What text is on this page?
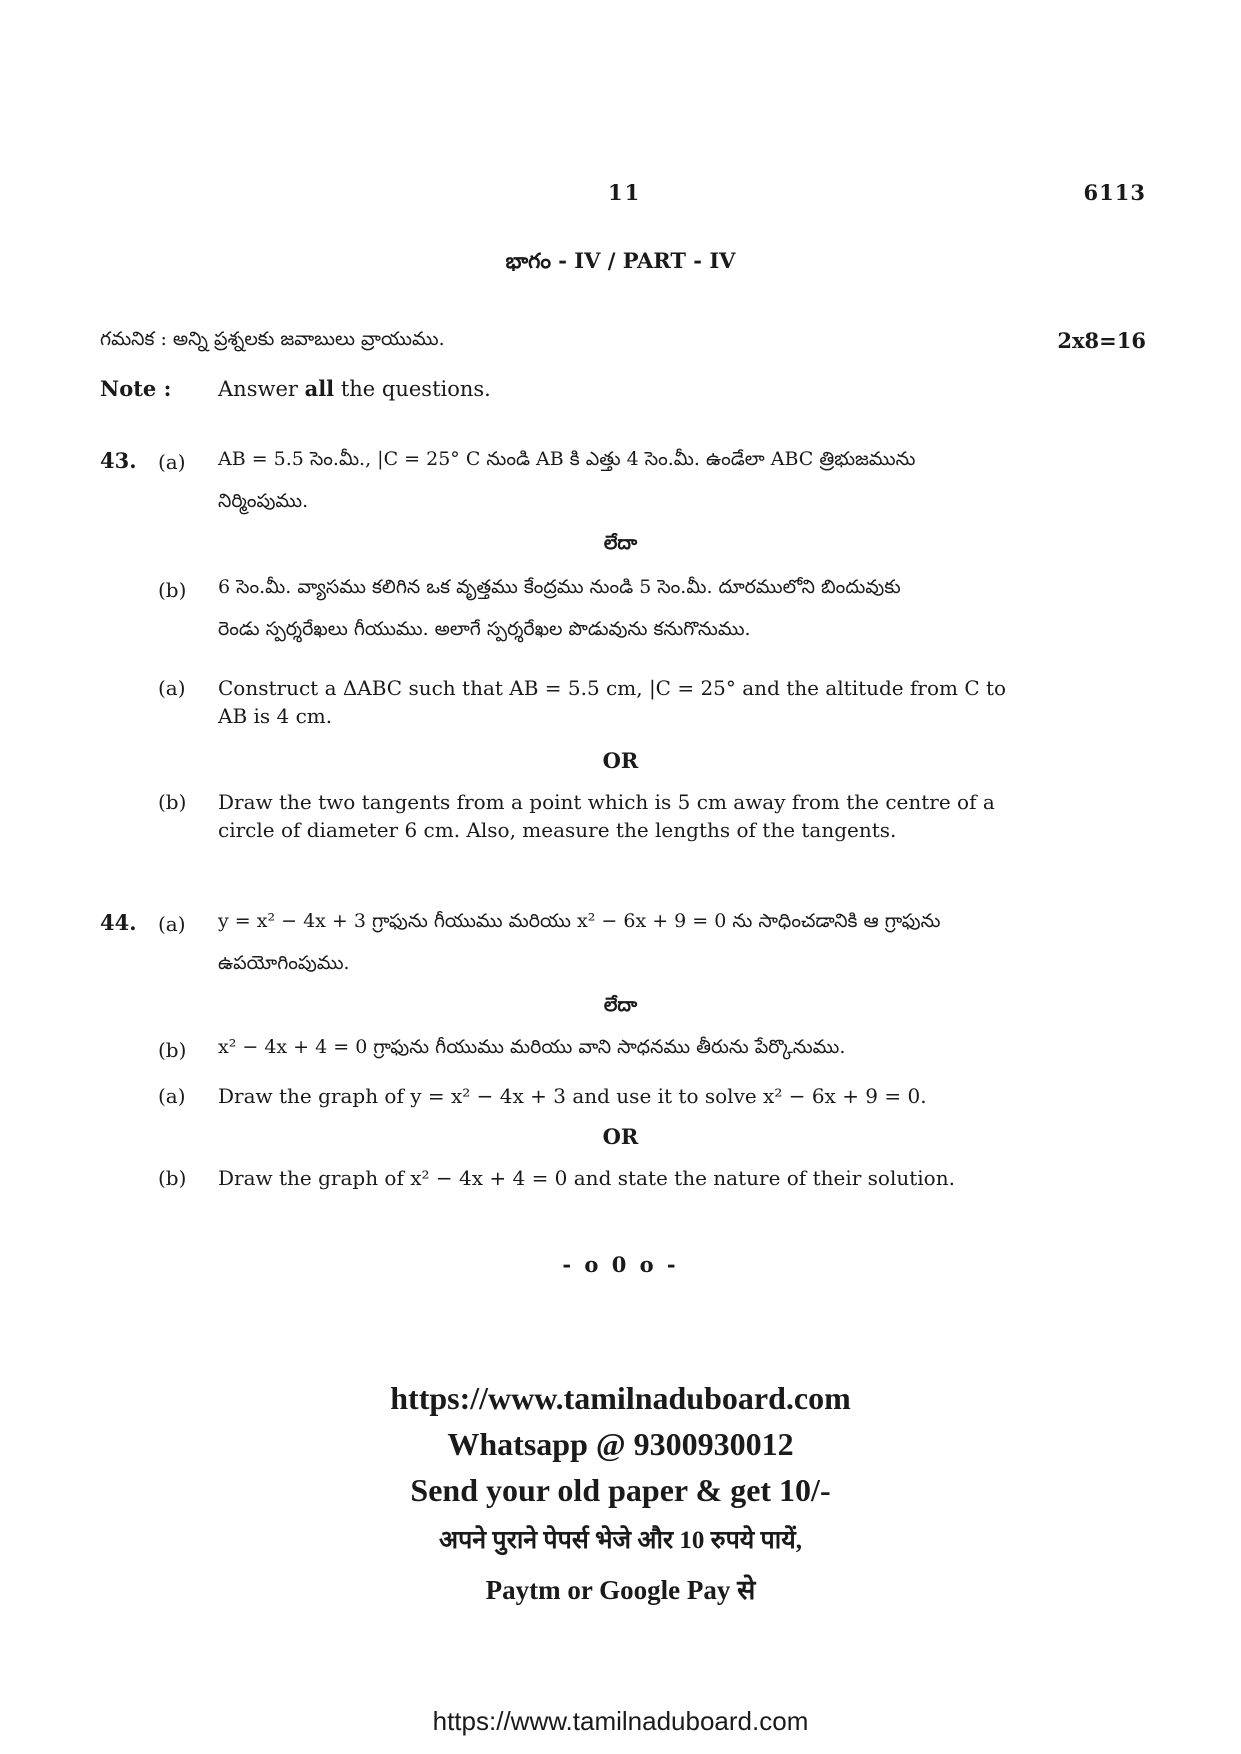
11	6113
భాగం - IV / PART - IV
గమనిక : అన్ని ప్రశ్నలకు జవాబులు వ్రాయుము.	2x8=16
Note : Answer all the questions.
43. (a) AB = 5.5 సెం.మీ., |C = 25° C నుండి AB కి ఎత్తు 4 సెం.మీ. ఉండేలా ABC త్రిభుజమును
నిర్మింపుము.
లేదా
(b) 6 సెం.మీ. వ్యాసము కలిగిన ఒక వృత్తము కేంద్రము నుండి 5 సెం.మీ. దూరములోని బిందువుకు
రెండు స్పర్శరేఖలు గీయుము. అలాగే స్పర్శరేఖల పొడువును కనుగొనుము.
(a) Construct a ΔABC such that AB = 5.5 cm, |C = 25° and the altitude from C to
AB is 4 cm.
OR
(b) Draw the two tangents from a point which is 5 cm away from the centre of a
circle of diameter 6 cm. Also, measure the lengths of the tangents.
44. (a) y = x² − 4x + 3 గ్రాఫును గీయుము మరియు x² − 6x + 9 = 0 ను సాధించడానికి ఆ గ్రాఫును
ఉపయోగింపుము.
లేదా
(b) x² − 4x + 4 = 0 గ్రాఫును గీయుము మరియు వాని సాధనము తీరును పేర్కొనుము.
(a) Draw the graph of y = x² − 4x + 3 and use it to solve x² − 6x + 9 = 0.
OR
(b) Draw the graph of x² − 4x + 4 = 0 and state the nature of their solution.
- o 0 o -
https://www.tamilnaduboard.com
Whatsapp @ 9300930012
Send your old paper & get 10/-
अपने पुराने पेपर्स भेजे और 10 रुपये पायें,
Paytm or Google Pay से
https://www.tamilnaduboard.com
